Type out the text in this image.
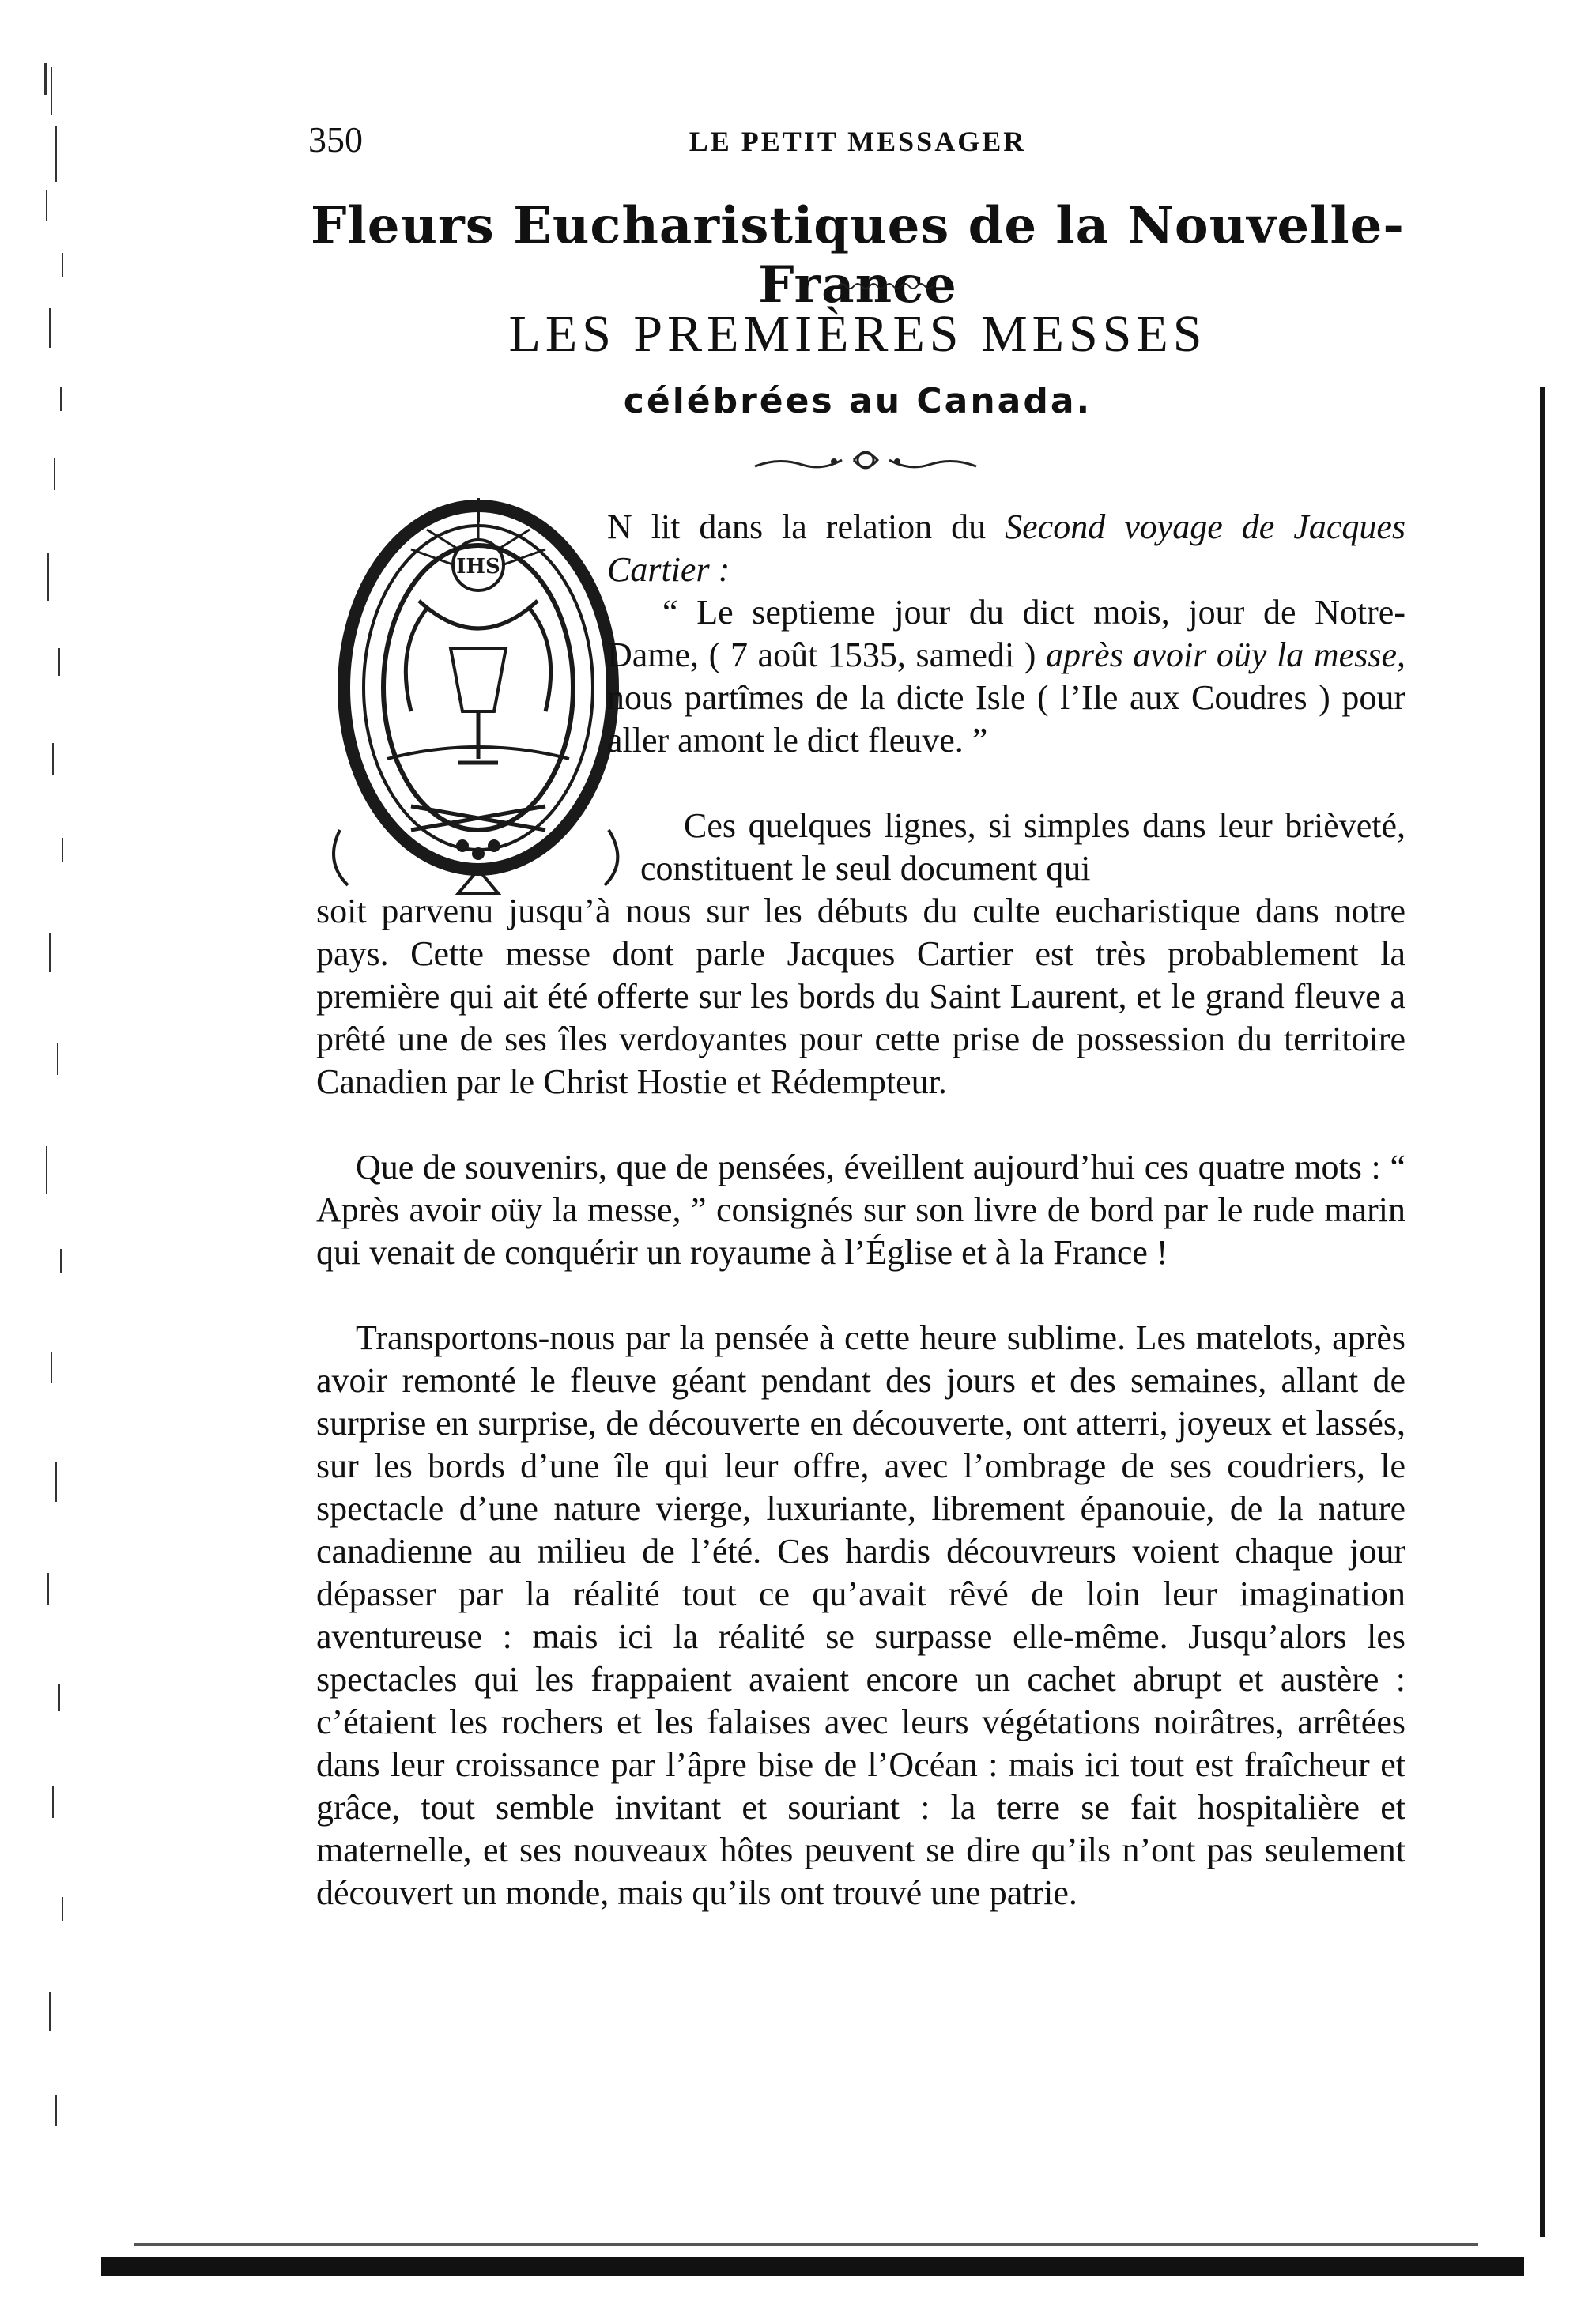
350	LE PETIT MESSAGER
Fleurs Eucharistiques de la Nouvelle-France
LES PREMIÈRES MESSES
célébrées au Canada.
IHS

N lit dans la relation du Second voyage de Jacques Cartier :

“ Le septieme jour du dict mois, jour de Notre-Dame, ( 7 août 1535, samedi ) après avoir oüy la messe, nous partîmes de la dicte Isle ( l’Ile aux Coudres ) pour aller amont le dict fleuve. ”

Ces quelques lignes, si simples dans leur brièveté, constituent le seul document qui
soit parvenu jusqu’à nous sur les débuts du culte eucharistique dans notre pays. Cette messe dont parle Jacques Cartier est très probablement la première qui ait été offerte sur les bords du Saint Laurent, et le grand fleuve a prêté une de ses îles verdoyantes pour cette prise de possession du territoire Canadien par le Christ Hostie et Rédempteur.

Que de souvenirs, que de pensées, éveillent aujourd’hui ces quatre mots : “ Après avoir oüy la messe, ” consignés sur son livre de bord par le rude marin qui venait de conquérir un royaume à l’Église et à la France !

Transportons-nous par la pensée à cette heure sublime. Les matelots, après avoir remonté le fleuve géant pendant des jours et des semaines, allant de surprise en surprise, de découverte en découverte, ont atterri, joyeux et lassés, sur les bords d’une île qui leur offre, avec l’ombrage de ses coudriers, le spectacle d’une nature vierge, luxuriante, librement épanouie, de la nature canadienne au milieu de l’été. Ces hardis découvreurs voient chaque jour dépasser par la réalité tout ce qu’avait rêvé de loin leur imagination aventureuse : mais ici la réalité se surpasse elle-même. Jusqu’alors les spectacles qui les frappaient avaient encore un cachet abrupt et austère : c’étaient les rochers et les falaises avec leurs végétations noirâtres, arrêtées dans leur croissance par l’âpre bise de l’Océan : mais ici tout est fraîcheur et grâce, tout semble invitant et souriant : la terre se fait hospitalière et maternelle, et ses nouveaux hôtes peuvent se dire qu’ils n’ont pas seulement découvert un monde, mais qu’ils ont trouvé une patrie.
